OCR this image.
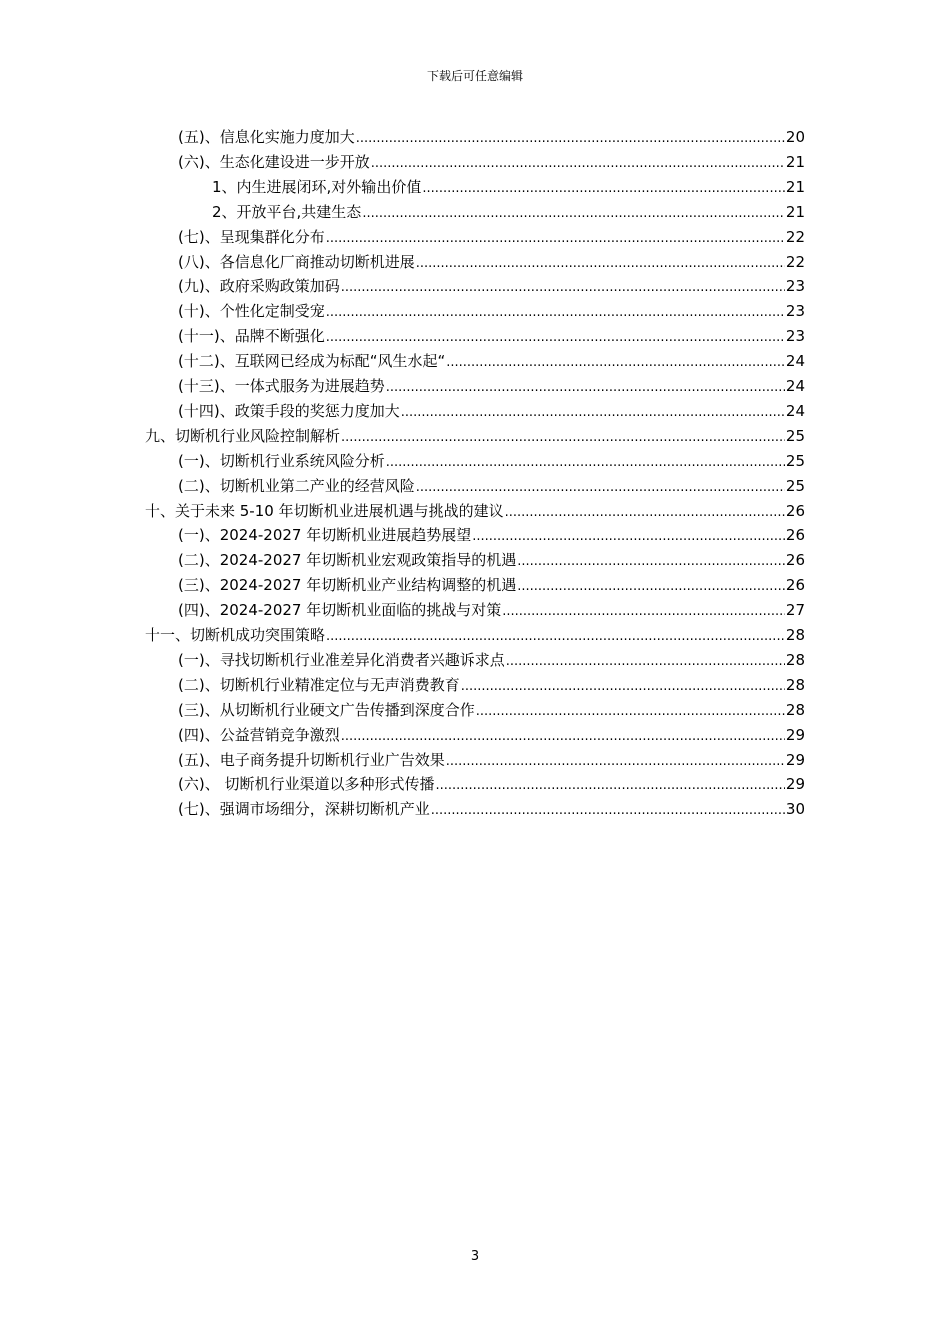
下载后可任意编辑
(五)、信息化实施力度加大 .....	20
(六)、生态化建设进一步开放 .....	21
1、内生进展闭环,对外输出价值 .....	21
2、开放平台,共建生态 .....	21
(七)、呈现集群化分布 .....	22
(八)、各信息化厂商推动切断机进展 .....	22
(九)、政府采购政策加码 .....	23
(十)、个性化定制受宠 .....	23
(十一)、品牌不断强化 .....	23
(十二)、互联网已经成为标配“风生水起“ .....	24
(十三)、一体式服务为进展趋势 .....	24
(十四)、政策手段的奖惩力度加大 .....	24
九、切断机行业风险控制解析 .....	25
(一)、切断机行业系统风险分析 .....	25
(二)、切断机业第二产业的经营风险 .....	25
十、关于未来 5-10 年切断机业进展机遇与挑战的建议 .....	26
(一)、2024-2027 年切断机业进展趋势展望 .....	26
(二)、2024-2027 年切断机业宏观政策指导的机遇 .....	26
(三)、2024-2027 年切断机业产业结构调整的机遇 .....	26
(四)、2024-2027 年切断机业面临的挑战与对策 .....	27
十一、切断机成功突围策略 .....	28
(一)、寻找切断机行业准差异化消费者兴趣诉求点 .....	28
(二)、切断机行业精准定位与无声消费教育 .....	28
(三)、从切断机行业硬文广告传播到深度合作 .....	28
(四)、公益营销竞争激烈 .....	29
(五)、电子商务提升切断机行业广告效果 .....	29
(六)、 切断机行业渠道以多种形式传播 .....	29
(七)、强调市场细分，深耕切断机产业 .....	30
3
